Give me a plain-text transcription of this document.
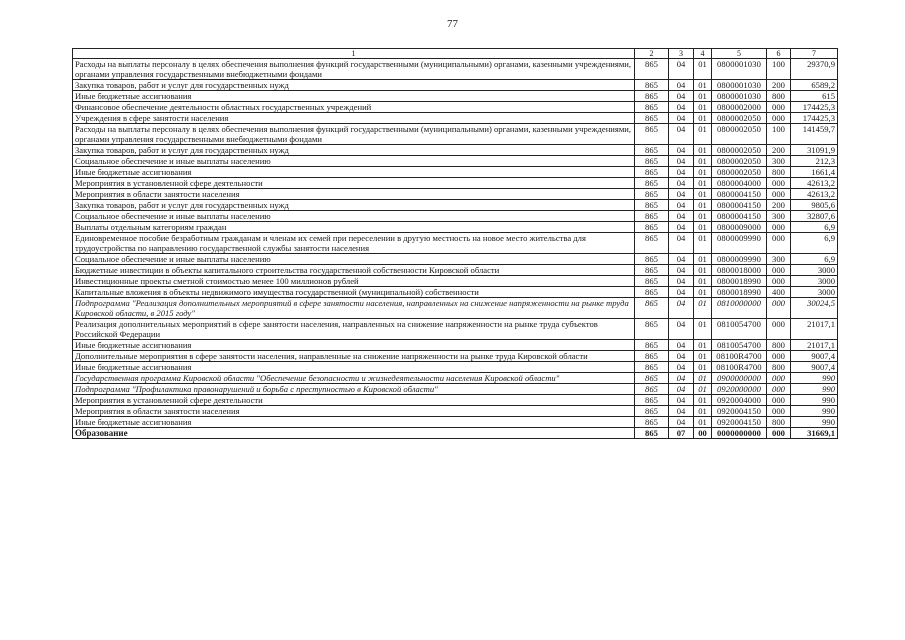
77
1	2	3	4	5	6	7
Расходы на выплаты персоналу в целях обеспечения выполнения функций государственными (муниципальными) органами, казенными учреждениями, органами управления государственными внебюджетными фондами	865	04	01	0800001030	100	29370,9
Закупка товаров, работ и услуг для государственных нужд	865	04	01	0800001030	200	6589,2
Иные бюджетные ассигнования	865	04	01	0800001030	800	615
Финансовое обеспечение деятельности областных государственных учреждений	865	04	01	0800002000	000	174425,3
Учреждения в сфере занятости населения	865	04	01	0800002050	000	174425,3
Расходы на выплаты персоналу в целях обеспечения выполнения функций государственными (муниципальными) органами, казенными учреждениями, органами управления государственными внебюджетными фондами	865	04	01	0800002050	100	141459,7
Закупка товаров, работ и услуг для государственных нужд	865	04	01	0800002050	200	31091,9
Социальное обеспечение и иные выплаты населению	865	04	01	0800002050	300	212,3
Иные бюджетные ассигнования	865	04	01	0800002050	800	1661,4
Мероприятия в установленной сфере деятельности	865	04	01	0800004000	000	42613,2
Мероприятия в области занятости населения	865	04	01	0800004150	000	42613,2
Закупка товаров, работ и услуг для государственных нужд	865	04	01	0800004150	200	9805,6
Социальное обеспечение и иные выплаты населению	865	04	01	0800004150	300	32807,6
Выплаты отдельным категориям граждан	865	04	01	0800009000	000	6,9
Единовременное пособие безработным гражданам и членам их семей при переселении в другую местность на новое место жительства для трудоустройства по направлению государственной службы занятости населения	865	04	01	0800009990	000	6,9
Социальное обеспечение и иные выплаты населению	865	04	01	0800009990	300	6,9
Бюджетные инвестиции в объекты капитального строительства государственной собственности Кировской области	865	04	01	0800018000	000	3000
Инвестиционные проекты сметной стоимостью менее 100 миллионов рублей	865	04	01	0800018990	000	3000
Капитальные вложения в объекты недвижимого имущества государственной (муниципальной) собственности	865	04	01	0800018990	400	3000
Подпрограмма "Реализация дополнительных мероприятий в сфере занятости населения, направленных на снижение напряженности на рынке труда Кировской области, в 2015 году"	865	04	01	0810000000	000	30024,5
Реализация дополнительных мероприятий в сфере занятости населения, направленных на снижение напряженности на рынке труда субъектов Российской Федерации	865	04	01	0810054700	000	21017,1
Иные бюджетные ассигнования	865	04	01	0810054700	800	21017,1
Дополнительные мероприятия в сфере занятости населения, направленные на снижение напряженности на рынке труда Кировской области	865	04	01	08100R4700	000	9007,4
Иные бюджетные ассигнования	865	04	01	08100R4700	800	9007,4
Государственная программа Кировской области "Обеспечение безопасности и жизнедеятельности населения Кировской области"	865	04	01	0900000000	000	990
Подпрограмма "Профилактика правонарушений и борьба с преступностью в Кировской области"	865	04	01	0920000000	000	990
Мероприятия в установленной сфере деятельности	865	04	01	0920004000	000	990
Мероприятия в области занятости населения	865	04	01	0920004150	000	990
Иные бюджетные ассигнования	865	04	01	0920004150	800	990
Образование	865	07	00	0000000000	000	31669,1
